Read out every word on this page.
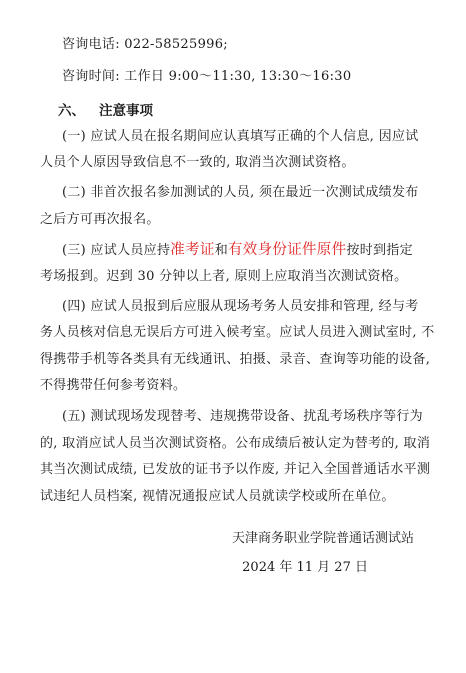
咨询电话: 022-58525996;
咨询时间: 工作日 9:00～11:30, 13:30～16:30
六、 注意事项
(一) 应试人员在报名期间应认真填写正确的个人信息, 因应试
人员个人原因导致信息不一致的, 取消当次测试资格。
(二) 非首次报名参加测试的人员, 须在最近一次测试成绩发布
之后方可再次报名。
(三) 应试人员应持准考证和有效身份证件原件按时到指定
考场报到。迟到 30 分钟以上者, 原则上应取消当次测试资格。
(四) 应试人员报到后应服从现场考务人员安排和管理, 经与考
务人员核对信息无误后方可进入候考室。应试人员进入测试室时, 不
得携带手机等各类具有无线通讯、拍摄、录音、查询等功能的设备,
不得携带任何参考资料。
(五) 测试现场发现替考、违规携带设备、扰乱考场秩序等行为
的, 取消应试人员当次测试资格。公布成绩后被认定为替考的, 取消
其当次测试成绩, 已发放的证书予以作废, 并记入全国普通话水平测
试违纪人员档案, 视情况通报应试人员就读学校或所在单位。
天津商务职业学院普通话测试站
2024 年 11 月 27 日
